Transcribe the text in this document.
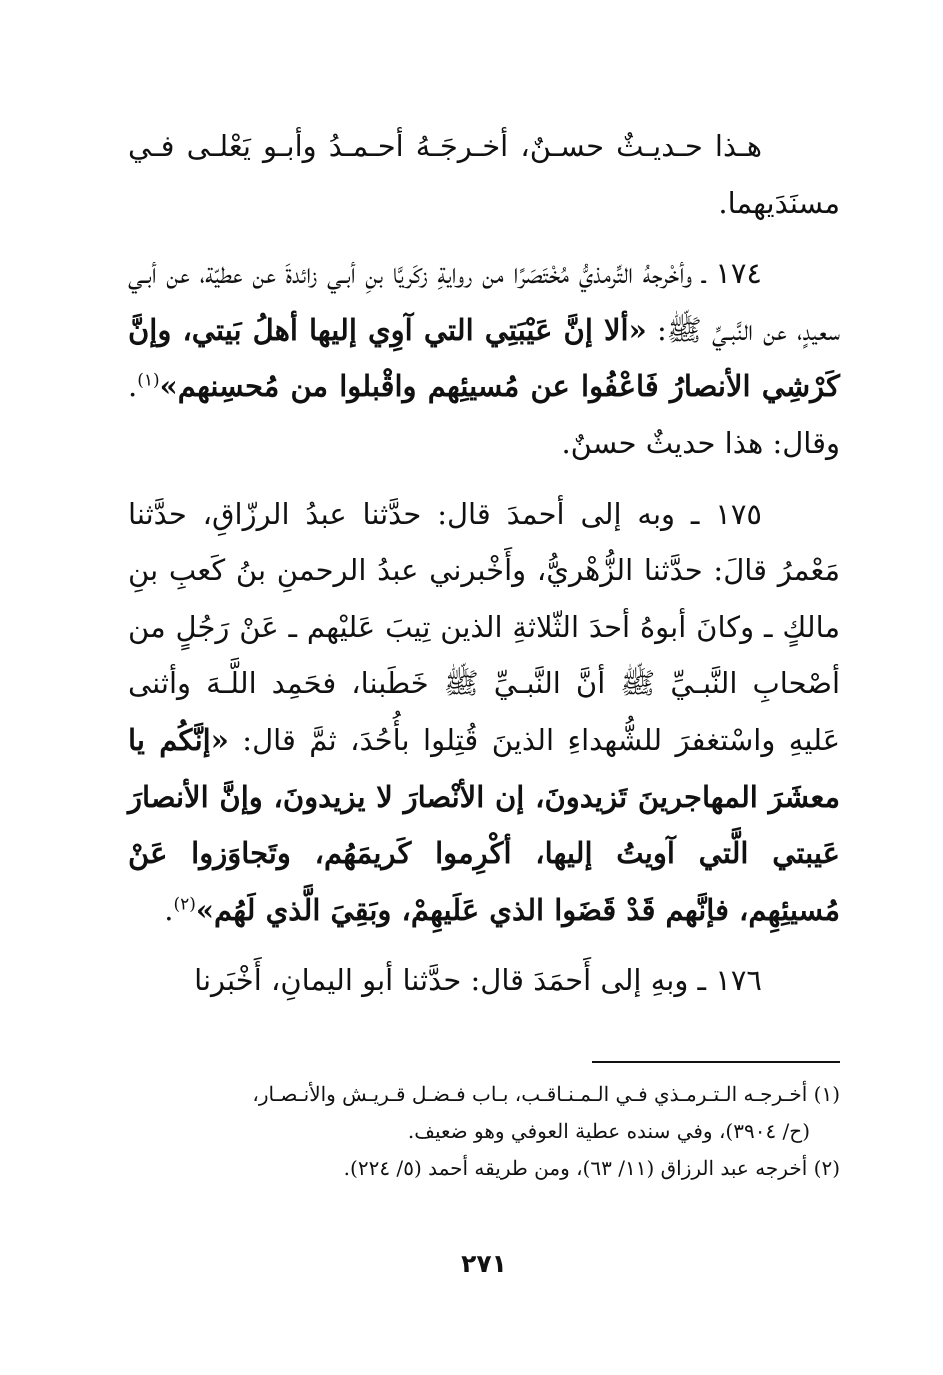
هـذا حـديـثٌ حسـنٌ، أخـرجَـهُ أحـمـدُ وأبـو يَعْلـى فـي مسنَدَيهما.

١٧٤ ـ وأخْرجهُ التِّرمذيُّ مُخْتَصَرًا من روايةِ زكَريَّا بنِ أبـي زائدةَ عن عطيّة، عن أبـي سعيدٍ، عن النَّبـيِّ ﷺ: «ألا إنَّ عَيْبَتِي التي آوِي إليها أهلُ بَيتي، وإنَّ كَرْشِي الأنصارُ فَاعْفُوا عن مُسيئِهم واقْبلوا من مُحسِنهم»$^{(١)}$. وقال: هذا حديثٌ حسنٌ.

١٧٥ ـ وبه إلى أحمدَ قال: حدَّثنا عبدُ الرزّاقِ، حدَّثنا مَعْمرُ قالَ: حدَّثنا الزُّهْريُّ، وأَخْبرني عبدُ الرحمنِ بنُ كَعبِ بنِ مالكٍ ـ وكانَ أبوهُ أحدَ الثّلاثةِ الذين تِيبَ عَليْهم ـ عَنْ رَجُلٍ من أصْحابِ النَّبـيِّ ﷺ أنَّ النَّبـيِّ ﷺ خَطَبنا، فحَمِد اللَّـهَ وأثنى عَليهِ واسْتغفرَ للشُّهداءِ الذينَ قُتِلوا بأُحُدَ، ثمَّ قال: «إنَّكُم يا معشَرَ المهاجرينَ تَزيدونَ، إن الأنْصارَ لا يزيدونَ، وإنَّ الأنصارَ عَيبتي الَّتي آويتُ إليها، أكْرِموا كَريمَهُم، وتَجاوَزوا عَنْ مُسيئِهِم، فإنَّهم قَدْ قَضَوا الذي عَلَيهِمْ، وبَقِيَ الَّذي لَهُم»$^{(٢)}$.

١٧٦ ـ وبهِ إلى أَحمَدَ قال: حدَّثنا أبو اليمانِ، أَخْبَرنا

(١) أخـرجـه الـتـرمـذي فـي الـمـنـاقـب، بـاب فـضـل قـريـش والأنـصـار،
(ح/ ٣٩٠٤)، وفي سنده عطية العوفي وهو ضعيف.

(٢) أخرجه عبد الرزاق (١١/ ٦٣)، ومن طريقه أحمد (٥/ ٢٢٤).

٢٧١
